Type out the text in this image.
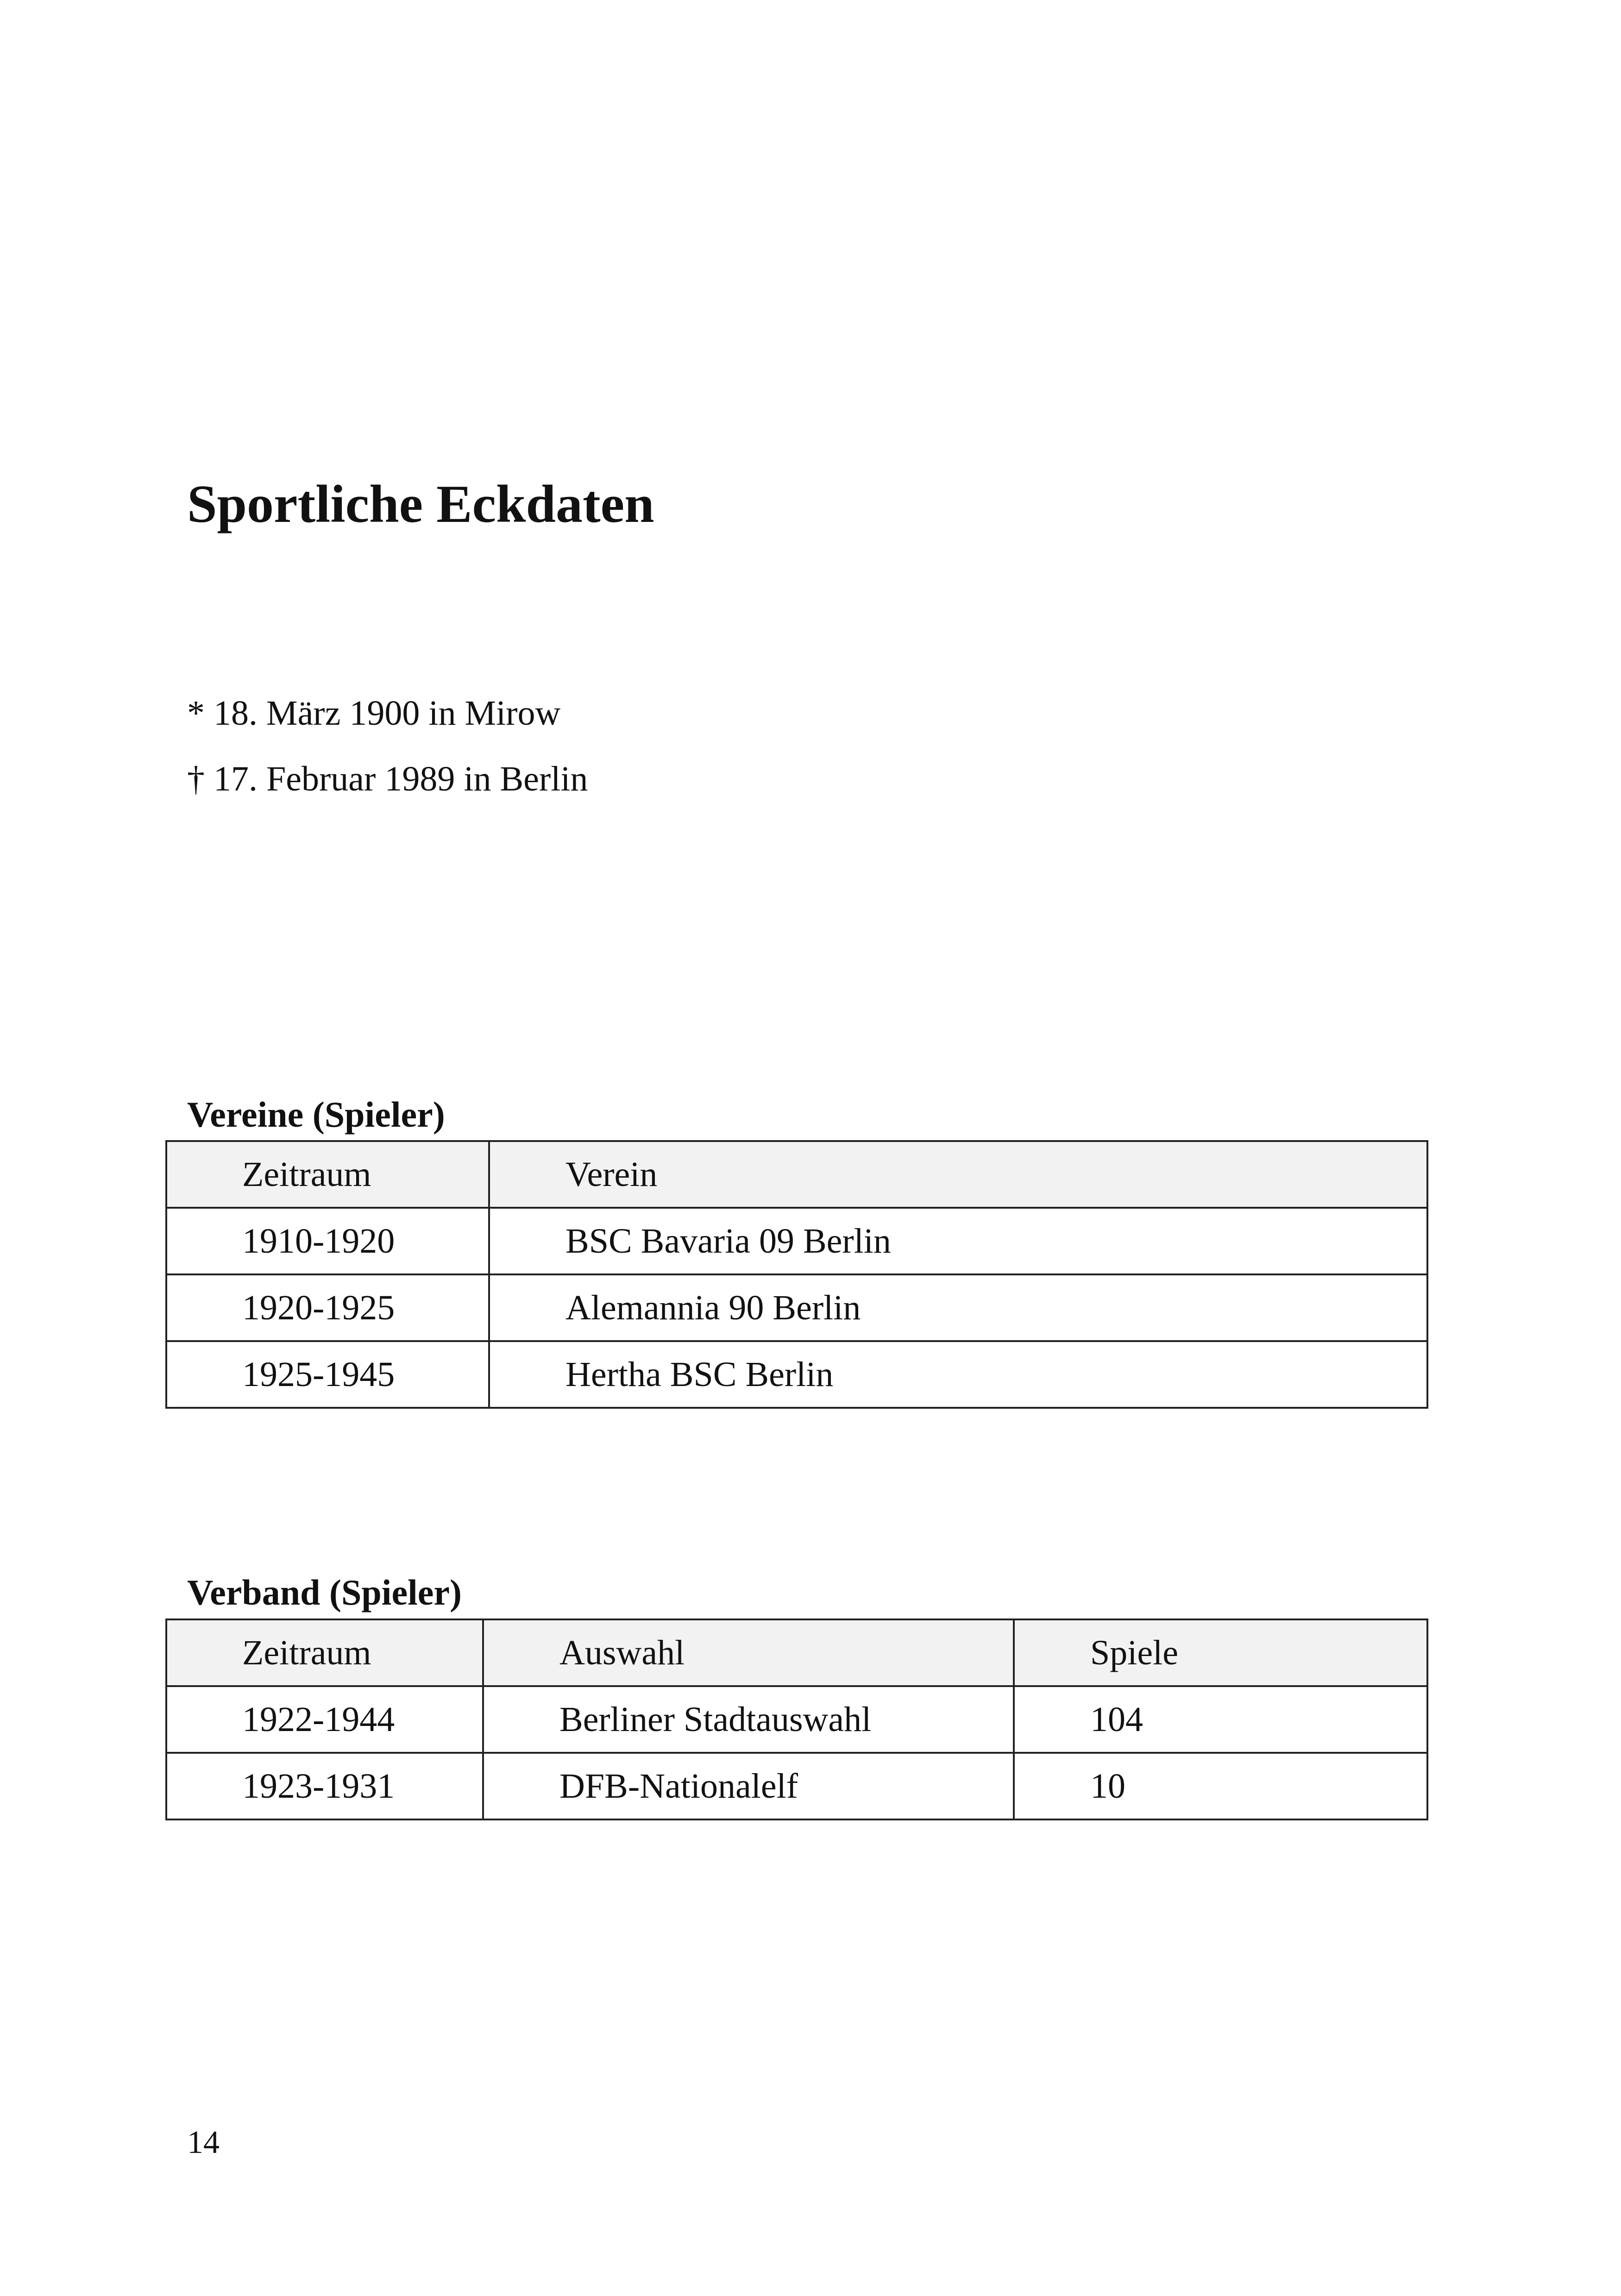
Sportliche Eckdaten
* 18. März 1900 in Mirow
† 17. Februar 1989 in Berlin
Vereine (Spieler)
Zeitraum	Verein

1910-1920	BSC Bavaria 09 Berlin

1920-1925	Alemannia 90 Berlin

1925-1945	Hertha BSC Berlin
Verband (Spieler)
Zeitraum	Auswahl	Spiele

1922-1944	Berliner Stadtauswahl	104

1923-1931	DFB-Nationalelf	10
14
